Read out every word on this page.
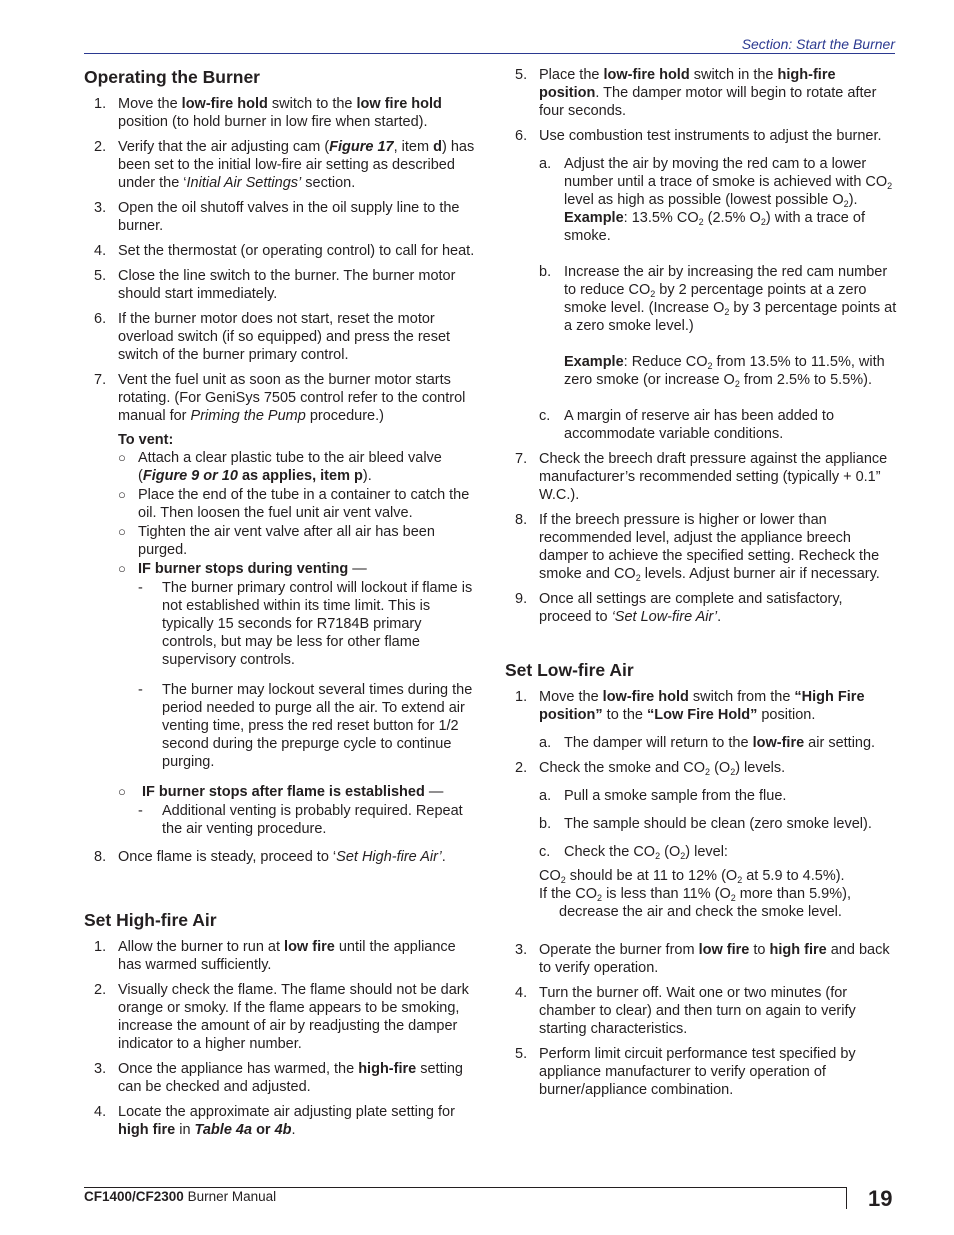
Section: Start the Burner
Operating the Burner
1. Move the low-fire hold switch to the low fire hold position (to hold burner in low fire when started).
2. Verify that the air adjusting cam (Figure 17, item d) has been set to the initial low-fire air setting as described under the ‘Initial Air Settings’ section.
3. Open the oil shutoff valves in the oil supply line to the burner.
4. Set the thermostat (or operating control) to call for heat.
5. Close the line switch to the burner. The burner motor should start immediately.
6. If the burner motor does not start, reset the motor overload switch (if so equipped) and press the reset switch of the burner primary control.
7. Vent the fuel unit as soon as the burner motor starts rotating. (For GeniSys 7505 control refer to the control manual for Priming the Pump procedure.)
To vent:
○ Attach a clear plastic tube to the air bleed valve (Figure 9 or 10 as applies, item p).
○ Place the end of the tube in a container to catch the oil. Then loosen the fuel unit air vent valve.
○ Tighten the air vent valve after all air has been purged.
○ IF burner stops during venting —
- The burner primary control will lockout if flame is not established within its time limit. This is typically 15 seconds for R7184B primary controls, but may be less for other flame supervisory controls.
- The burner may lockout several times during the period needed to purge all the air. To extend air venting time, press the red reset button for 1/2 second during the prepurge cycle to continue purging.
○ IF burner stops after flame is established —
- Additional venting is probably required. Repeat the air venting procedure.
8. Once flame is steady, proceed to ‘Set High-fire Air’.
Set High-fire Air
1. Allow the burner to run at low fire until the appliance has warmed sufficiently.
2. Visually check the flame. The flame should not be dark orange or smoky. If the flame appears to be smoking, increase the amount of air by readjusting the damper indicator to a higher number.
3. Once the appliance has warmed, the high-fire setting can be checked and adjusted.
4. Locate the approximate air adjusting plate setting for high fire in Table 4a or 4b.
5. Place the low-fire hold switch in the high-fire position. The damper motor will begin to rotate after four seconds.
6. Use combustion test instruments to adjust the burner.
a. Adjust the air by moving the red cam to a lower number until a trace of smoke is achieved with $CO_2$ level as high as possible (lowest possible $O_2$).
Example: 13.5% $CO_2$ (2.5% $O_2$) with a trace of smoke.
b. Increase the air by increasing the red cam number to reduce $CO_2$ by 2 percentage points at a zero smoke level. (Increase $O_2$ by 3 percentage points at a zero smoke level.)

Example: Reduce $CO_2$ from 13.5% to 11.5%, with zero smoke (or increase $O_2$ from 2.5% to 5.5%).
c. A margin of reserve air has been added to accommodate variable conditions.
7. Check the breech draft pressure against the appliance manufacturer’s recommended setting (typically + 0.1” W.C.).
8. If the breech pressure is higher or lower than recommended level, adjust the appliance breech damper to achieve the specified setting. Recheck the smoke and $CO_2$ levels. Adjust burner air if necessary.
9. Once all settings are complete and satisfactory, proceed to ‘Set Low-fire Air’.
Set Low-fire Air
1. Move the low-fire hold switch from the “High Fire position” to the “Low Fire Hold” position.
a. The damper will return to the low-fire air setting.
2. Check the smoke and $CO_2$ $(O_2)$ levels.
a. Pull a smoke sample from the flue.
b. The sample should be clean (zero smoke level).
c. Check the $CO_2$ $(O_2)$ level:
$CO_2$ should be at 11 to 12% ($O_2$ at 5.9 to 4.5%).
If the $CO_2$ is less than 11% ($O_2$ more than 5.9%),
decrease the air and check the smoke level.
3. Operate the burner from low fire to high fire and back to verify operation.
4. Turn the burner off. Wait one or two minutes (for chamber to clear) and then turn on again to verify starting characteristics.
5. Perform limit circuit performance test specified by appliance manufacturer to verify operation of burner/appliance combination.
CF1400/CF2300 Burner Manual	19
